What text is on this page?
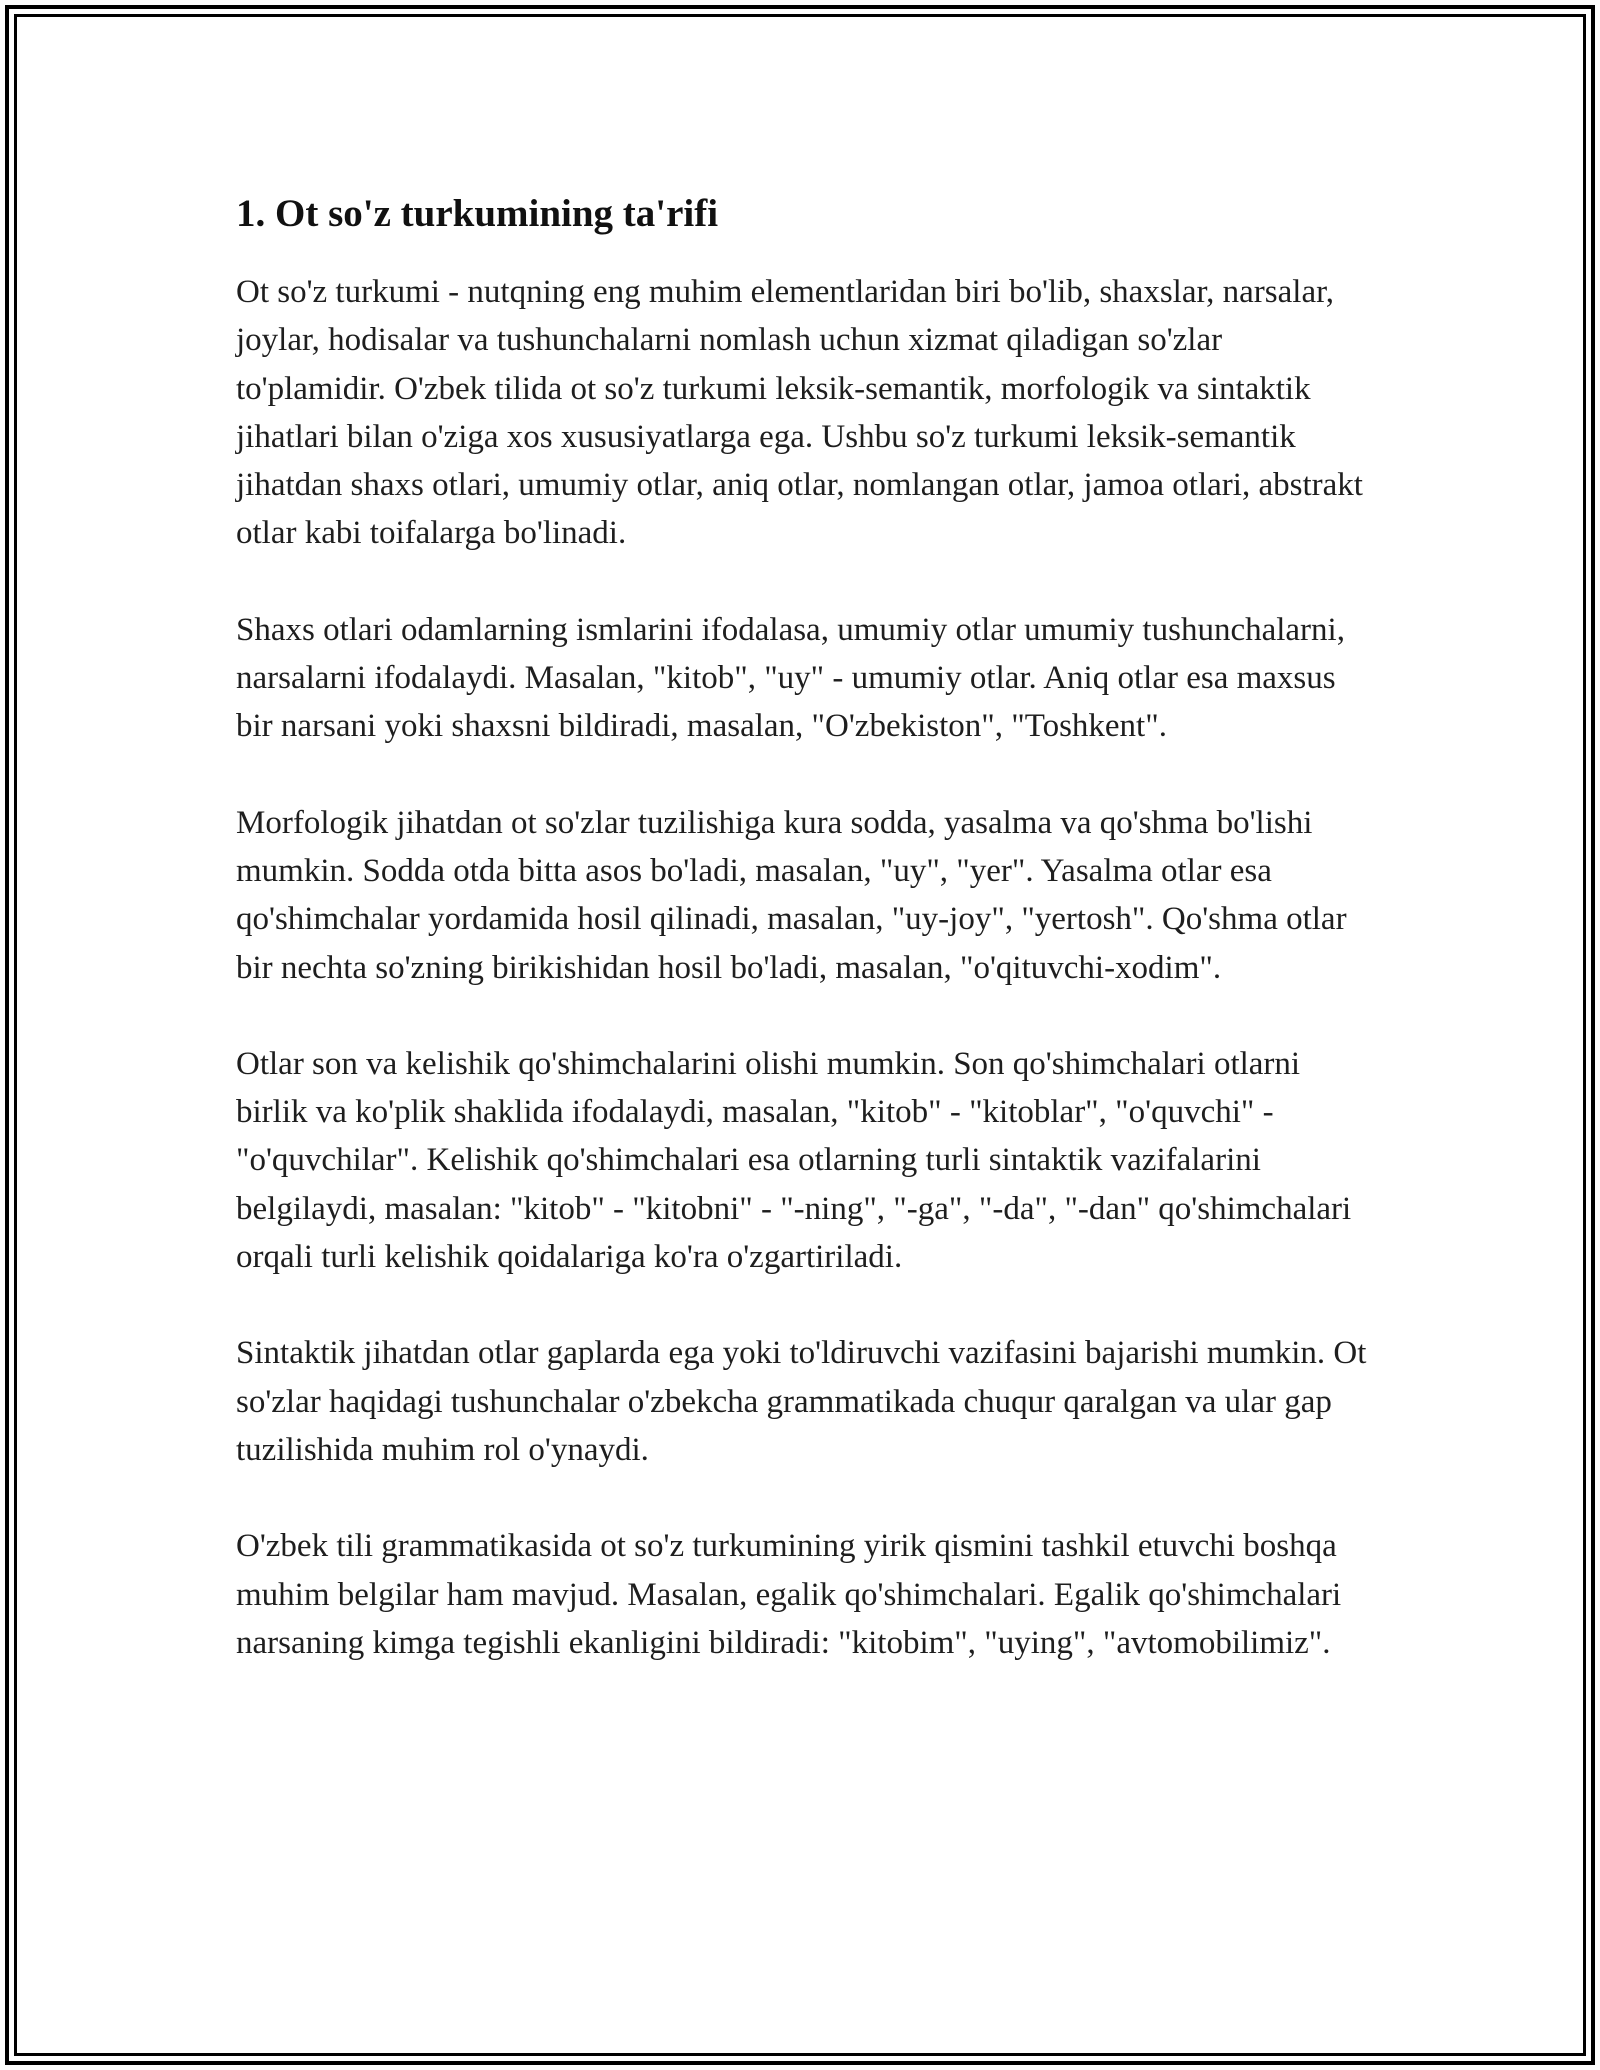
1. Ot so'z turkumining ta'rifi

Ot so'z turkumi - nutqning eng muhim elementlaridan biri bo'lib, shaxslar, narsalar, joylar, hodisalar va tushunchalarni nomlash uchun xizmat qiladigan so'zlar to'plamidir. O'zbek tilida ot so'z turkumi leksik-semantik, morfologik va sintaktik jihatlari bilan o'ziga xos xususiyatlarga ega. Ushbu so'z turkumi leksik-semantik jihatdan shaxs otlari, umumiy otlar, aniq otlar, nomlangan otlar, jamoa otlari, abstrakt otlar kabi toifalarga bo'linadi.

Shaxs otlari odamlarning ismlarini ifodalasa, umumiy otlar umumiy tushunchalarni, narsalarni ifodalaydi. Masalan, "kitob", "uy" - umumiy otlar. Aniq otlar esa maxsus bir narsani yoki shaxsni bildiradi, masalan, "O'zbekiston", "Toshkent".

Morfologik jihatdan ot so'zlar tuzilishiga kura sodda, yasalma va qo'shma bo'lishi mumkin. Sodda otda bitta asos bo'ladi, masalan, "uy", "yer". Yasalma otlar esa qo'shimchalar yordamida hosil qilinadi, masalan, "uy-joy", "yertosh". Qo'shma otlar bir nechta so'zning birikishidan hosil bo'ladi, masalan, "o'qituvchi-xodim".

Otlar son va kelishik qo'shimchalarini olishi mumkin. Son qo'shimchalari otlarni birlik va ko'plik shaklida ifodalaydi, masalan, "kitob" - "kitoblar", "o'quvchi" - "o'quvchilar". Kelishik qo'shimchalari esa otlarning turli sintaktik vazifalarini belgilaydi, masalan: "kitob" - "kitobni" - "-ning", "-ga", "-da", "-dan" qo'shimchalari orqali turli kelishik qoidalariga ko'ra o'zgartiriladi.

Sintaktik jihatdan otlar gaplarda ega yoki to'ldiruvchi vazifasini bajarishi mumkin. Ot so'zlar haqidagi tushunchalar o'zbekcha grammatikada chuqur qaralgan va ular gap tuzilishida muhim rol o'ynaydi.

O'zbek tili grammatikasida ot so'z turkumining yirik qismini tashkil etuvchi boshqa muhim belgilar ham mavjud. Masalan, egalik qo'shimchalari. Egalik qo'shimchalari narsaning kimga tegishli ekanligini bildiradi: "kitobim", "uying", "avtomobilimiz".
